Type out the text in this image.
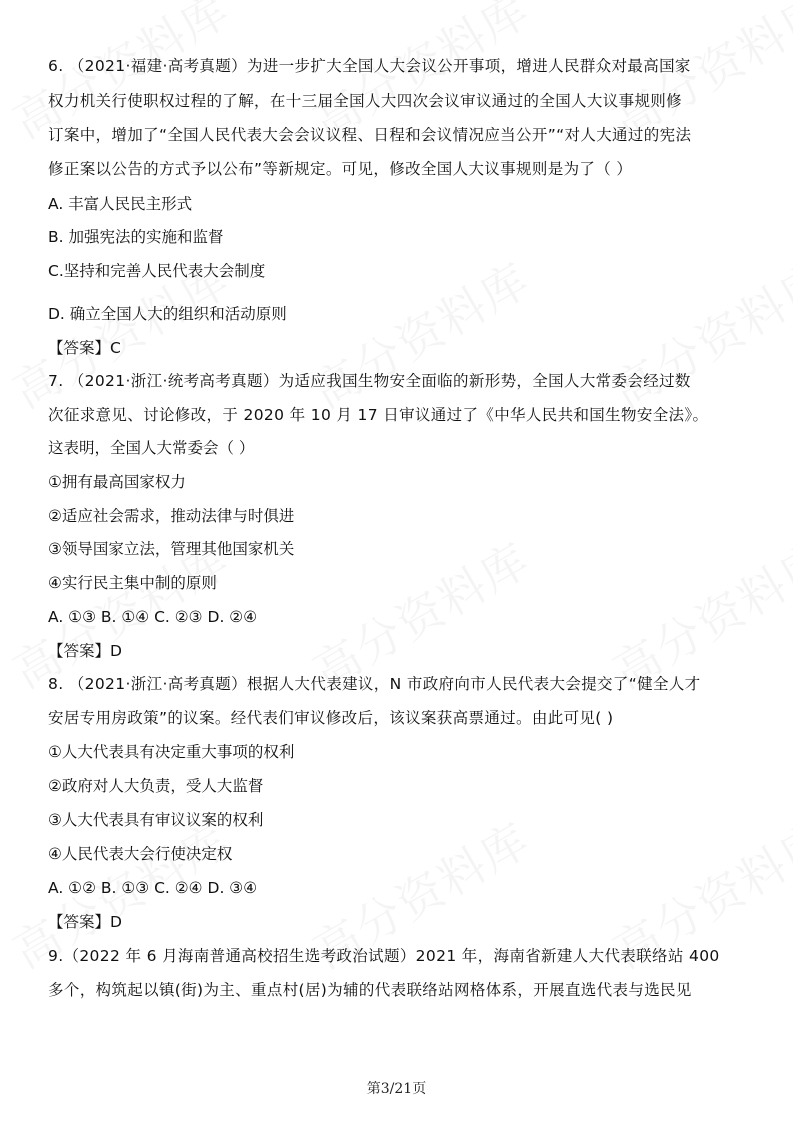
6. （2021·福建·高考真题）为进一步扩大全国人大会议公开事项，增进人民群众对最高国家

权力机关行使职权过程的了解，在十三届全国人大四次会议审议通过的全国人大议事规则修

订案中，增加了“全国人民代表大会会议议程、日程和会议情况应当公开”“对人大通过的宪法

修正案以公告的方式予以公布”等新规定。可见，修改全国人大议事规则是为了（ ）

A. 丰富人民民主形式

B. 加强宪法的实施和监督

C.坚持和完善人民代表大会制度

D. 确立全国人大的组织和活动原则

【答案】C

7. （2021·浙江·统考高考真题）为适应我国生物安全面临的新形势，全国人大常委会经过数

次征求意见、讨论修改，于 2020 年 10 月 17 日审议通过了《中华人民共和国生物安全法》。

这表明，全国人大常委会（ ）

①拥有最高国家权力

②适应社会需求，推动法律与时俱进

③领导国家立法，管理其他国家机关

④实行民主集中制的原则

A. ①③ B. ①④ C. ②③ D. ②④

【答案】D

8. （2021·浙江·高考真题）根据人大代表建议，N 市政府向市人民代表大会提交了“健全人才

安居专用房政策”的议案。经代表们审议修改后，该议案获高票通过。由此可见( )

①人大代表具有决定重大事项的权利

②政府对人大负责，受人大监督

③人大代表具有审议议案的权利

④人民代表大会行使决定权

A. ①② B. ①③ C. ②④ D. ③④

【答案】D

9.（2022 年 6 月海南普通高校招生选考政治试题）2021 年，海南省新建人大代表联络站 400

多个，构筑起以镇(街)为主、重点村(居)为辅的代表联络站网格体系，开展直选代表与选民见

第3/21页
